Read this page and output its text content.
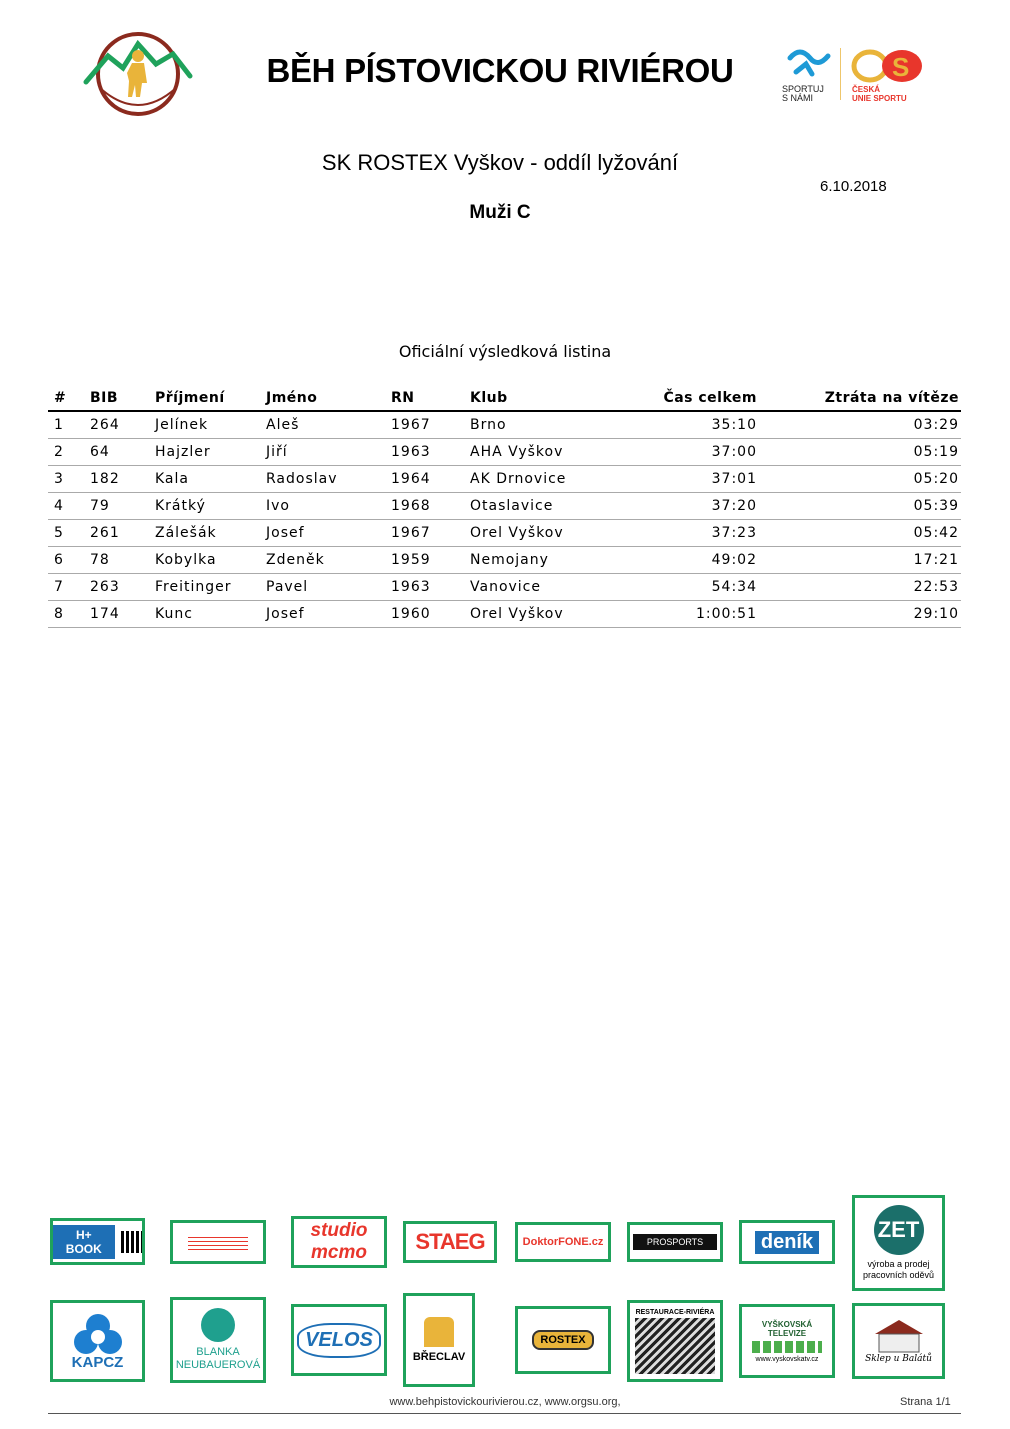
BĚH PÍSTOVICKOU RIVIÉROU	SPORTUJ
S NÁMI
S
ČESKÁ
UNIE SPORTU
SK ROSTEX Vyškov - oddíl lyžování
6.10.2018
Muži C
Oficiální výsledková listina
#	BIB	Příjmení	Jméno	RN	Klub	Čas celkem	Ztráta na vítěze
1	264	Jelínek	Aleš	1967	Brno	35:10	03:29
2	64	Hajzler	Jiří	1963	AHA Vyškov	37:00	05:19
3	182	Kala	Radoslav	1964	AK Drnovice	37:01	05:20
4	79	Krátký	Ivo	1968	Otaslavice	37:20	05:39
5	261	Zálešák	Josef	1967	Orel Vyškov	37:23	05:42
6	78	Kobylka	Zdeněk	1959	Nemojany	49:02	17:21
7	263	Freitinger	Pavel	1963	Vanovice	54:34	22:53
8	174	Kunc	Josef	1960	Orel Vyškov	1:00:51	29:10
H+ BOOK
studio mcmo	STAEG	DoktorFONE.cz	PROSPORTS	deník	ZET
výroba a prodej pracovních oděvů
KAPCZ
BLANKA NEUBAUEROVÁ
VELOS
BŘECLAV
ROSTEX
RESTAURACE-RIVIÉRA
VYŠKOVSKÁ TELEVIZE
www.vyskovskatv.cz	Sklep u Balátů
www.behpistovickourivierou.cz, www.orgsu.org,	Strana 1/1
